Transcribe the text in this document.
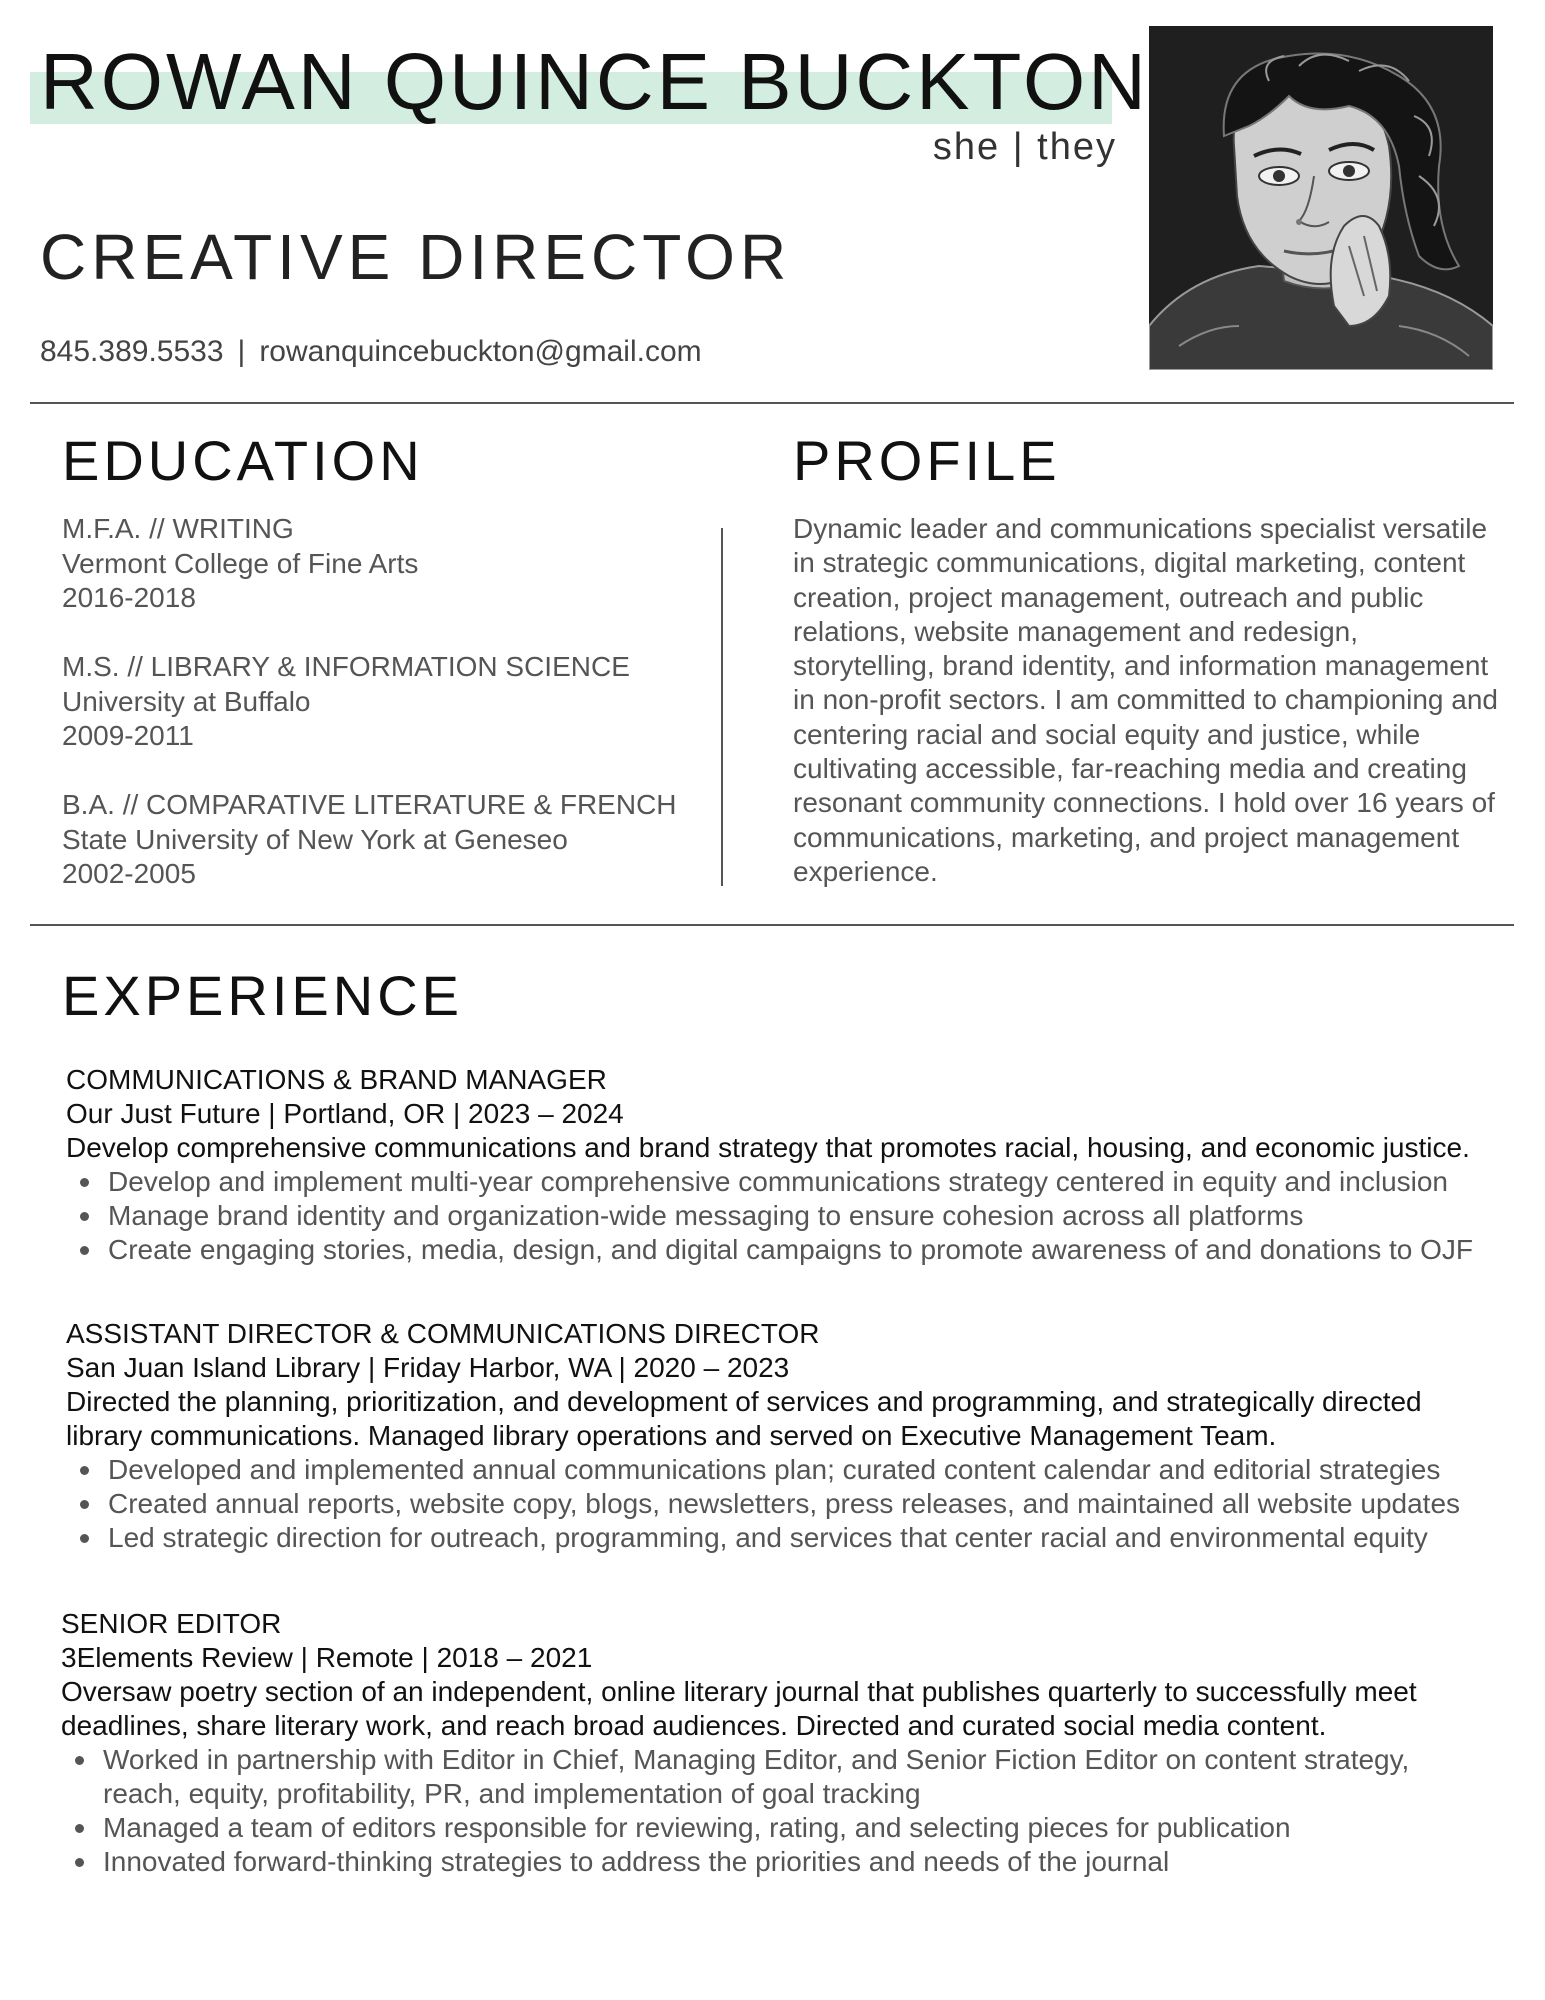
ROWAN QUINCE BUCKTON
she | they
CREATIVE DIRECTOR
845.389.5533 | rowanquincebuckton@gmail.com
EDUCATION
M.F.A. // WRITING
Vermont College of Fine Arts
2016-2018
M.S. // LIBRARY & INFORMATION SCIENCE
University at Buffalo
2009-2011
B.A. // COMPARATIVE LITERATURE & FRENCH
State University of New York at Geneseo
2002-2005
PROFILE
Dynamic leader and communications specialist versatile in strategic communications, digital marketing, content creation, project management, outreach and public relations, website management and redesign, storytelling, brand identity, and information management in non-profit sectors. I am committed to championing and centering racial and social equity and justice, while cultivating accessible, far-reaching media and creating resonant community connections. I hold over 16 years of communications, marketing, and project management experience.
EXPERIENCE
COMMUNICATIONS & BRAND MANAGER
Our Just Future | Portland, OR | 2023 – 2024
Develop comprehensive communications and brand strategy that promotes racial, housing, and economic justice.
Develop and implement multi-year comprehensive communications strategy centered in equity and inclusion
Manage brand identity and organization-wide messaging to ensure cohesion across all platforms
Create engaging stories, media, design, and digital campaigns to promote awareness of and donations to OJF
ASSISTANT DIRECTOR & COMMUNICATIONS DIRECTOR
San Juan Island Library | Friday Harbor, WA | 2020 – 2023
Directed the planning, prioritization, and development of services and programming, and strategically directed library communications. Managed library operations and served on Executive Management Team.
Developed and implemented annual communications plan; curated content calendar and editorial strategies
Created annual reports, website copy, blogs, newsletters, press releases, and maintained all website updates
Led strategic direction for outreach, programming, and services that center racial and environmental equity
SENIOR EDITOR
3Elements Review | Remote | 2018 – 2021
Oversaw poetry section of an independent, online literary journal that publishes quarterly to successfully meet deadlines, share literary work, and reach broad audiences. Directed and curated social media content.
Worked in partnership with Editor in Chief, Managing Editor, and Senior Fiction Editor on content strategy, reach, equity, profitability, PR, and implementation of goal tracking
Managed a team of editors responsible for reviewing, rating, and selecting pieces for publication
Innovated forward-thinking strategies to address the priorities and needs of the journal
